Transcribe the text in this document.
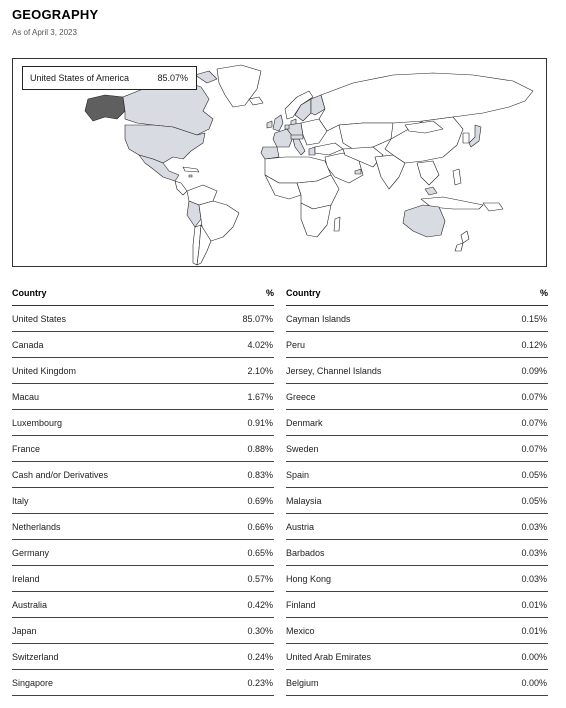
GEOGRAPHY
As of April 3, 2023
United States of America	85.07%
Country	%
United States	85.07%
Canada	4.02%
United Kingdom	2.10%
Macau	1.67%
Luxembourg	0.91%
France	0.88%
Cash and/or Derivatives	0.83%
Italy	0.69%
Netherlands	0.66%
Germany	0.65%
Ireland	0.57%
Australia	0.42%
Japan	0.30%
Switzerland	0.24%
Singapore	0.23%
Country	%
Cayman Islands	0.15%
Peru	0.12%
Jersey, Channel Islands	0.09%
Greece	0.07%
Denmark	0.07%
Sweden	0.07%
Spain	0.05%
Malaysia	0.05%
Austria	0.03%
Barbados	0.03%
Hong Kong	0.03%
Finland	0.01%
Mexico	0.01%
United Arab Emirates	0.00%
Belgium	0.00%
